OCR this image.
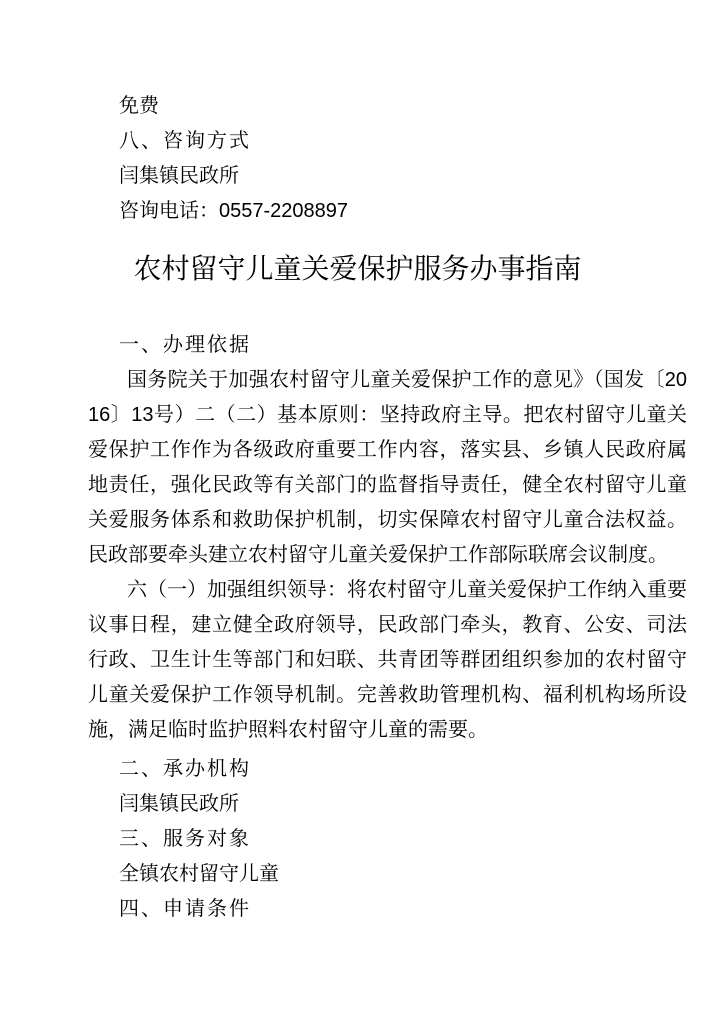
免费

八、咨询方式

闫集镇民政所

咨询电话：0557-2208897

农村留守儿童关爱保护服务办事指南

一、办理依据

国务院关于加强农村留守儿童关爱保护工作的意见》（国发〔2016〕13号）二（二）基本原则：坚持政府主导。把农村留守儿童关爱保护工作作为各级政府重要工作内容，落实县、乡镇人民政府属地责任，强化民政等有关部门的监督指导责任，健全农村留守儿童关爱服务体系和救助保护机制，切实保障农村留守儿童合法权益。民政部要牵头建立农村留守儿童关爱保护工作部际联席会议制度。

六（一）加强组织领导：将农村留守儿童关爱保护工作纳入重要议事日程，建立健全政府领导，民政部门牵头，教育、公安、司法行政、卫生计生等部门和妇联、共青团等群团组织参加的农村留守儿童关爱保护工作领导机制。完善救助管理机构、福利机构场所设施，满足临时监护照料农村留守儿童的需要。

二、承办机构

闫集镇民政所

三、服务对象

全镇农村留守儿童

四、申请条件
